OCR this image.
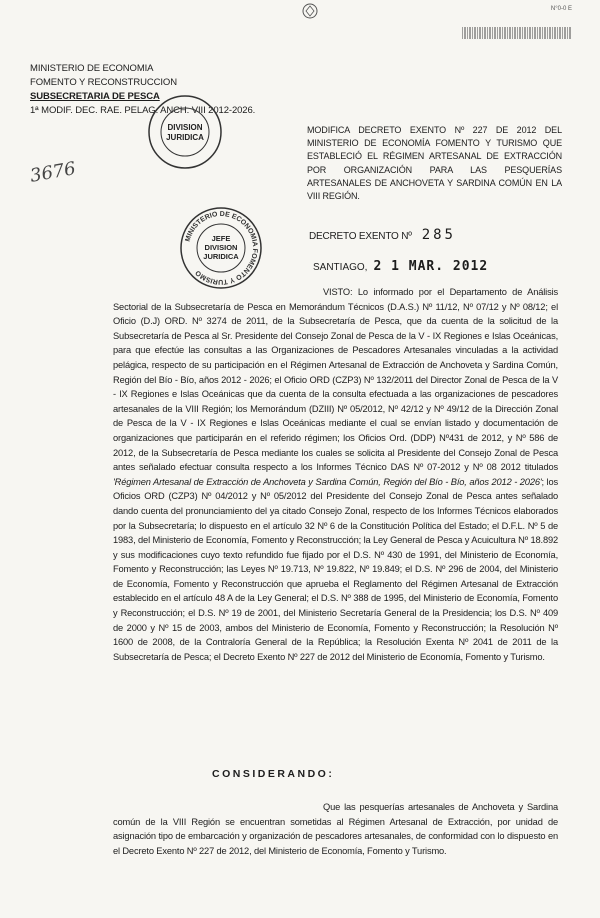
N°0-0 E
MINISTERIO DE ECONOMIA
FOMENTO Y RECONSTRUCCION
SUBSECRETARIA DE PESCA
1ª MODIF. DEC. RAE. PELAG. ANCH. VIII 2012-2026.
3676
DIVISION
JURIDICA
MINISTERIO DE ECONOMIA FOMENTO Y TURISMO
JEFE
DIVISION
JURIDICA
MODIFICA DECRETO EXENTO Nº 227 DE 2012 DEL MINISTERIO DE ECONOMÍA FOMENTO Y TURISMO QUE ESTABLECIÓ EL RÉGIMEN ARTESANAL DE EXTRACCIÓN POR ORGANIZACIÓN PARA LAS PESQUERÍAS ARTESANALES DE ANCHOVETA Y SARDINA COMÚN EN LA VIII REGIÓN.
DECRETO EXENTO Nº 285
SANTIAGO, 2 1 MAR. 2012

VISTO: Lo informado por el Departamento de Análisis Sectorial de la Subsecretaría de Pesca en Memorándum Técnicos (D.A.S.) Nº 11/12, Nº 07/12 y Nº 08/12; el Oficio (D.J) ORD. Nº 3274 de 2011, de la Subsecretaría de Pesca, que da cuenta de la solicitud de la Subsecretaría de Pesca al Sr. Presidente del Consejo Zonal de Pesca de la V - IX Regiones e Islas Oceánicas, para que efectúe las consultas a las Organizaciones de Pescadores Artesanales vinculadas a la actividad pelágica, respecto de su participación en el Régimen Artesanal de Extracción de Anchoveta y Sardina Común, Región del Bío - Bío, años 2012 - 2026; el Oficio ORD (CZP3) Nº 132/2011 del Director Zonal de Pesca de la V - IX Regiones e Islas Oceánicas que da cuenta de la consulta efectuada a las organizaciones de pescadores artesanales de la VIII Región; los Memorándum (DZIII) Nº 05/2012, Nº 42/12 y Nº 49/12 de la Dirección Zonal de Pesca de la V - IX Regiones e Islas Oceánicas mediante el cual se envían listado y documentación de organizaciones que participarán en el referido régimen; los Oficios Ord. (DDP) Nº431 de 2012, y Nº 586 de 2012, de la Subsecretaría de Pesca mediante los cuales se solicita al Presidente del Consejo Zonal de Pesca antes señalado efectuar consulta respecto a los Informes Técnico DAS Nº 07-2012 y Nº 08 2012 titulados 'Régimen Artesanal de Extracción de Anchoveta y Sardina Común, Región del Bío - Bío, años 2012 - 2026'; los Oficios ORD (CZP3) Nº 04/2012 y Nº 05/2012 del Presidente del Consejo Zonal de Pesca antes señalado dando cuenta del pronunciamiento del ya citado Consejo Zonal, respecto de los Informes Técnicos elaborados por la Subsecretaría; lo dispuesto en el artículo 32 Nº 6 de la Constitución Política del Estado; el D.F.L. Nº 5 de 1983, del Ministerio de Economía, Fomento y Reconstrucción; la Ley General de Pesca y Acuicultura Nº 18.892 y sus modificaciones cuyo texto refundido fue fijado por el D.S. Nº 430 de 1991, del Ministerio de Economía, Fomento y Reconstrucción; las Leyes Nº 19.713, Nº 19.822, Nº 19.849; el D.S. Nº 296 de 2004, del Ministerio de Economía, Fomento y Reconstrucción que aprueba el Reglamento del Régimen Artesanal de Extracción establecido en el artículo 48 A de la Ley General; el D.S. Nº 388 de 1995, del Ministerio de Economía, Fomento y Reconstrucción; el D.S. Nº 19 de 2001, del Ministerio Secretaría General de la Presidencia; los D.S. Nº 409 de 2000 y Nº 15 de 2003, ambos del Ministerio de Economía, Fomento y Reconstrucción; la Resolución Nº 1600 de 2008, de la Contraloría General de la República; la Resolución Exenta Nº 2041 de 2011 de la Subsecretaría de Pesca; el Decreto Exento Nº 227 de 2012 del Ministerio de Economía, Fomento y Turismo.

CONSIDERANDO:

Que las pesquerías artesanales de Anchoveta y Sardina común de la VIII Región se encuentran sometidas al Régimen Artesanal de Extracción, por unidad de asignación tipo de embarcación y organización de pescadores artesanales, de conformidad con lo dispuesto en el Decreto Exento Nº 227 de 2012, del Ministerio de Economía, Fomento y Turismo.
